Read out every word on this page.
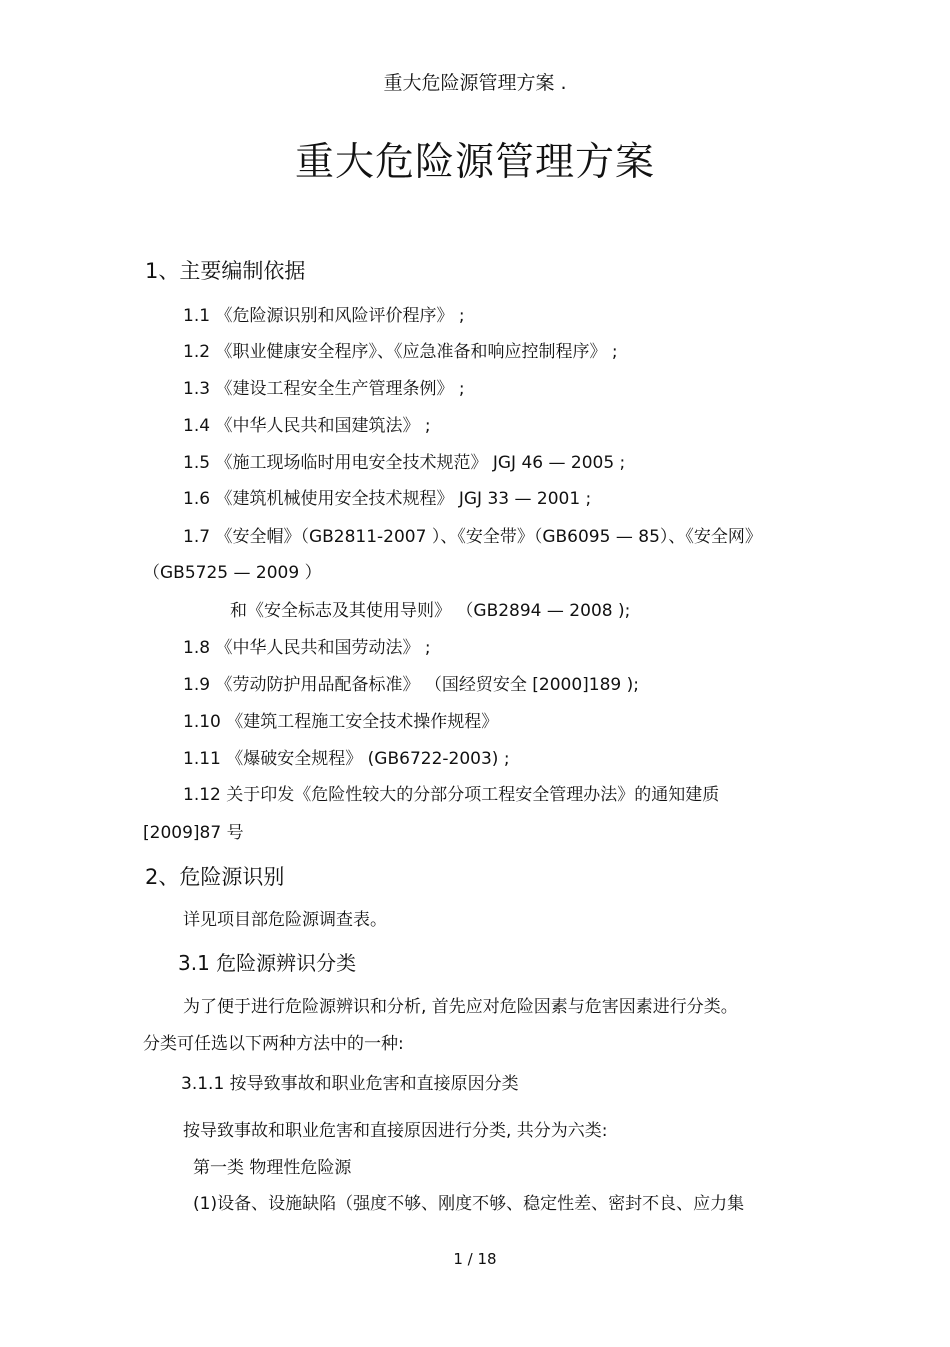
重大危险源管理方案 .
重大危险源管理方案
1、主要编制依据
1.1 《危险源识别和风险评价程序》 ;
1.2 《职业健康安全程序》、《应急准备和响应控制程序》 ;
1.3 《建设工程安全生产管理条例》 ;
1.4 《中华人民共和国建筑法》 ;
1.5 《施工现场临时用电安全技术规范》 JGJ 46 — 2005 ;
1.6 《建筑机械使用安全技术规程》 JGJ 33 — 2001 ;
1.7 《安全帽》（GB2811-2007 ）、《安全带》（GB6095 — 85）、《安全网》
（GB5725 — 2009 ）
和《安全标志及其使用导则》 （GB2894 — 2008 );
1.8 《中华人民共和国劳动法》 ;
1.9 《劳动防护用品配备标准》 （国经贸安全 [2000]189 );
1.10 《建筑工程施工安全技术操作规程》
1.11 《爆破安全规程》 (GB6722-2003) ;
1.12 关于印发《危险性较大的分部分项工程安全管理办法》的通知建质
[2009]87 号
2、危险源识别
详见项目部危险源调查表。
3.1 危险源辨识分类
为了便于进行危险源辨识和分析, 首先应对危险因素与危害因素进行分类。
分类可任选以下两种方法中的一种:
3.1.1 按导致事故和职业危害和直接原因分类
按导致事故和职业危害和直接原因进行分类, 共分为六类:
第一类 物理性危险源
(1)设备、设施缺陷（强度不够、刚度不够、稳定性差、密封不良、应力集
1 / 18
